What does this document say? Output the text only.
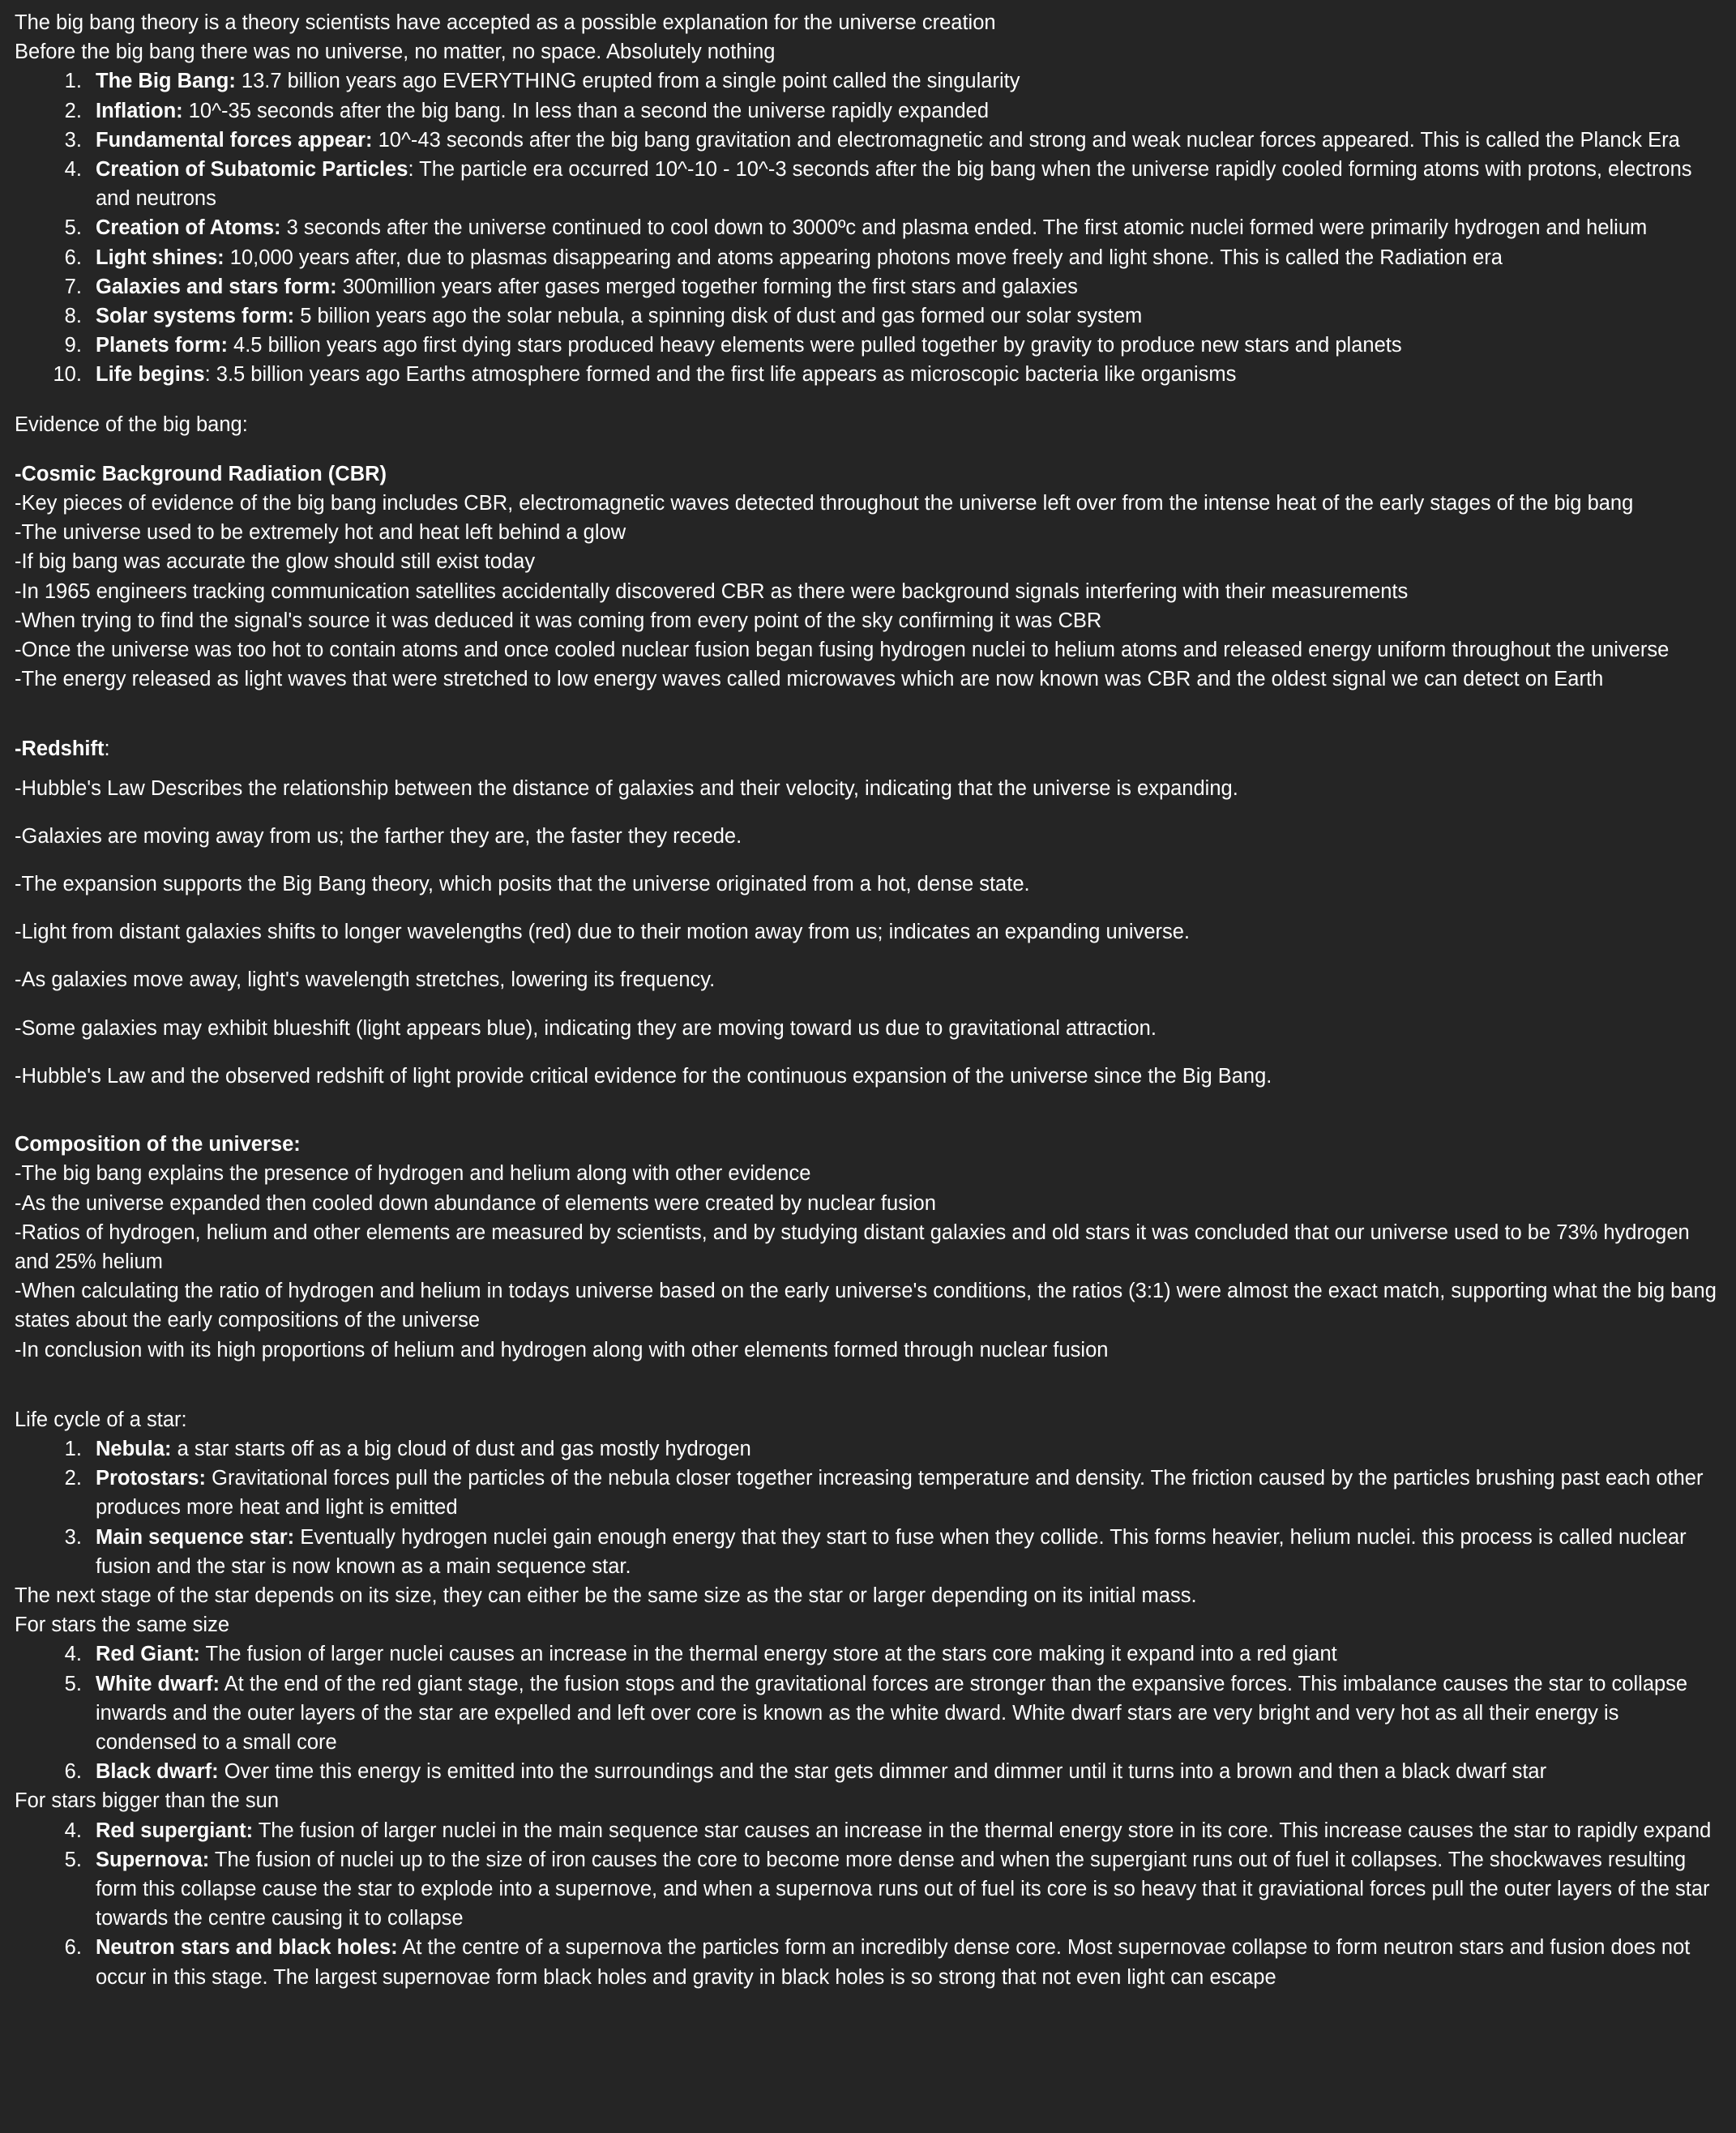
The big bang theory is a theory scientists have accepted as a possible explanation for the universe creation

Before the big bang there was no universe, no matter, no space. Absolutely nothing

1. The Big Bang: 13.7 billion years ago EVERYTHING erupted from a single point called the singularity
2. Inflation: 10^-35 seconds after the big bang. In less than a second the universe rapidly expanded
3. Fundamental forces appear: 10^-43 seconds after the big bang gravitation and electromagnetic and strong and weak nuclear forces appeared. This is called the Planck Era
4. Creation of Subatomic Particles: The particle era occurred 10^-10 - 10^-3 seconds after the big bang when the universe rapidly cooled forming atoms with protons, electrons and neutrons
5. Creation of Atoms: 3 seconds after the universe continued to cool down to 3000ºc and plasma ended. The first atomic nuclei formed were primarily hydrogen and helium
6. Light shines: 10,000 years after, due to plasmas disappearing and atoms appearing photons move freely and light shone. This is called the Radiation era
7. Galaxies and stars form: 300million years after gases merged together forming the first stars and galaxies
8. Solar systems form: 5 billion years ago the solar nebula, a spinning disk of dust and gas formed our solar system
9. Planets form: 4.5 billion years ago first dying stars produced heavy elements were pulled together by gravity to produce new stars and planets
10. Life begins: 3.5 billion years ago Earths atmosphere formed and the first life appears as microscopic bacteria like organisms

Evidence of the big bang:

-Cosmic Background Radiation (CBR)

-Key pieces of evidence of the big bang includes CBR, electromagnetic waves detected throughout the universe left over from the intense heat of the early stages of the big bang

-The universe used to be extremely hot and heat left behind a glow

-If big bang was accurate the glow should still exist today

-In 1965 engineers tracking communication satellites accidentally discovered CBR as there were background signals interfering with their measurements

-When trying to find the signal's source it was deduced it was coming from every point of the sky confirming it was CBR

-Once the universe was too hot to contain atoms and once cooled nuclear fusion began fusing hydrogen nuclei to helium atoms and released energy uniform throughout the universe

-The energy released as light waves that were stretched to low energy waves called microwaves which are now known was CBR and the oldest signal we can detect on Earth

-Redshift:

-Hubble's Law Describes the relationship between the distance of galaxies and their velocity, indicating that the universe is expanding.

-Galaxies are moving away from us; the farther they are, the faster they recede.

-The expansion supports the Big Bang theory, which posits that the universe originated from a hot, dense state.

-Light from distant galaxies shifts to longer wavelengths (red) due to their motion away from us; indicates an expanding universe.

-As galaxies move away, light's wavelength stretches, lowering its frequency.

-Some galaxies may exhibit blueshift (light appears blue), indicating they are moving toward us due to gravitational attraction.

-Hubble's Law and the observed redshift of light provide critical evidence for the continuous expansion of the universe since the Big Bang.

Composition of the universe:

-The big bang explains the presence of hydrogen and helium along with other evidence

-As the universe expanded then cooled down abundance of elements were created by nuclear fusion

-Ratios of hydrogen, helium and other elements are measured by scientists, and by studying distant galaxies and old stars it was concluded that our universe used to be 73% hydrogen and 25% helium

-When calculating the ratio of hydrogen and helium in todays universe based on the early universe's conditions, the ratios (3:1) were almost the exact match, supporting what the big bang states about the early compositions of the universe

-In conclusion with its high proportions of helium and hydrogen along with other elements formed through nuclear fusion

Life cycle of a star:

1. Nebula: a star starts off as a big cloud of dust and gas mostly hydrogen
2. Protostars: Gravitational forces pull the particles of the nebula closer together increasing temperature and density. The friction caused by the particles brushing past each other produces more heat and light is emitted
3. Main sequence star: Eventually hydrogen nuclei gain enough energy that they start to fuse when they collide. This forms heavier, helium nuclei. this process is called nuclear fusion and the star is now known as a main sequence star.

The next stage of the star depends on its size, they can either be the same size as the star or larger depending on its initial mass.

For stars the same size

4. Red Giant: The fusion of larger nuclei causes an increase in the thermal energy store at the stars core making it expand into a red giant
5. White dwarf: At the end of the red giant stage, the fusion stops and the gravitational forces are stronger than the expansive forces. This imbalance causes the star to collapse inwards and the outer layers of the star are expelled and left over core is known as the white dward. White dwarf stars are very bright and very hot as all their energy is condensed to a small core
6. Black dwarf: Over time this energy is emitted into the surroundings and the star gets dimmer and dimmer until it turns into a brown and then a black dwarf star

For stars bigger than the sun

4. Red supergiant: The fusion of larger nuclei in the main sequence star causes an increase in the thermal energy store in its core. This increase causes the star to rapidly expand
5. Supernova: The fusion of nuclei up to the size of iron causes the core to become more dense and when the supergiant runs out of fuel it collapses. The shockwaves resulting form this collapse cause the star to explode into a supernove, and when a supernova runs out of fuel its core is so heavy that it graviational forces pull the outer layers of the star towards the centre causing it to collapse
6. Neutron stars and black holes: At the centre of a supernova the particles form an incredibly dense core. Most supernovae collapse to form neutron stars and fusion does not occur in this stage. The largest supernovae form black holes and gravity in black holes is so strong that not even light can escape
